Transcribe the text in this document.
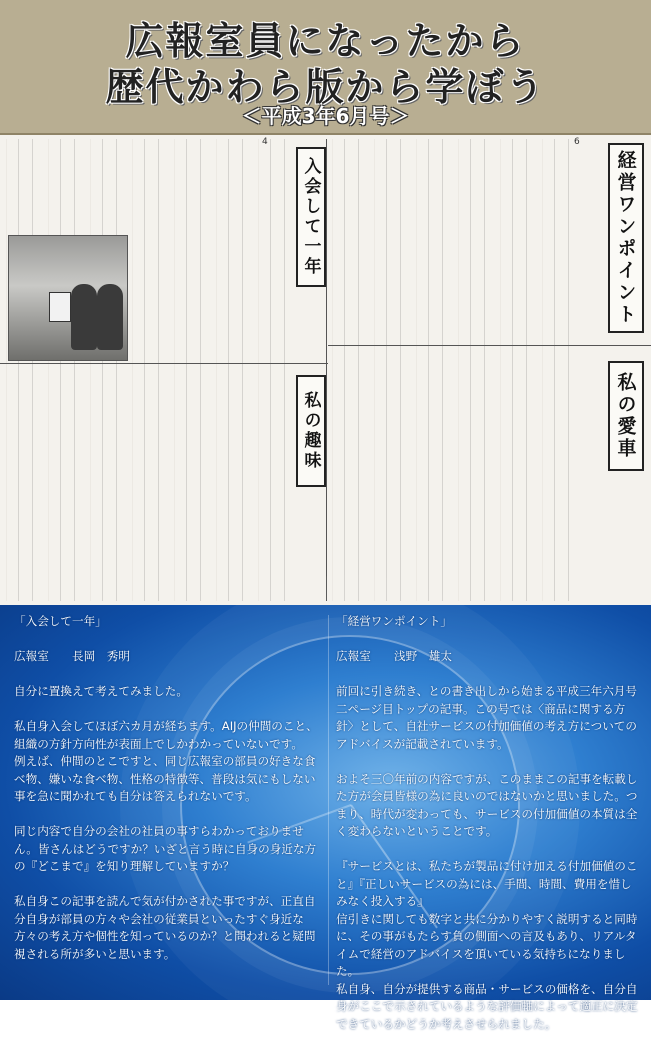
広報室員になったから
歴代かわら版から学ぼう
＜平成3年6月号＞
4	6
入会して一年
私の趣味
経営ワンポイント
私の愛車

「入会して一年」

広報室　　長岡　秀明

自分に置換えて考えてみました。

私自身入会してほぼ六カ月が経ちます。AIJの仲間のこと、組織の方針方向性が表面上でしかわかっていないです。

例えば、仲間のとこですと、同じ広報室の部員の好きな食べ物、嫌いな食べ物、性格の特徴等、普段は気にもしない事を急に聞かれても自分は答えられないです。

同じ内容で自分の会社の社員の事すらわかっておりません。皆さんはどうですか？いざと言う時に自身の身近な方の『どこまで』を知り理解していますか？

私自身この記事を読んで気が付かされた事ですが、正直自分自身が部員の方々や会社の従業員といったすぐ身近な方々の考え方や個性を知っているのか？と問われると疑問視される所が多いと思います。

「経営ワンポイント」

広報室　　浅野　雄太

前回に引き続き、との書き出しから始まる平成三年六月号二ページ目トップの記事。この号では〈商品に関する方針〉として、自社サービスの付加価値の考え方についてのアドバイスが記載されています。

およそ三〇年前の内容ですが、このままこの記事を転載した方が会員皆様の為に良いのではないかと思いました。つまり、時代が変わっても、サービスの付加価値の本質は全く変わらないということです。

『サービスとは、私たちが製品に付け加える付加価値のこと』『正しいサービスの為には、手間、時間、費用を惜しみなく投入する』

信引きに関しても数字と共に分かりやすく説明すると同時に、その事がもたらす負の側面への言及もあり、リアルタイムで経営のアドバイスを頂いている気持ちになりました。

私自身、自分が提供する商品・サービスの価格を、自分自身がここで示されているような評価軸によって適正に決定できているかどうか考えさせられました。
